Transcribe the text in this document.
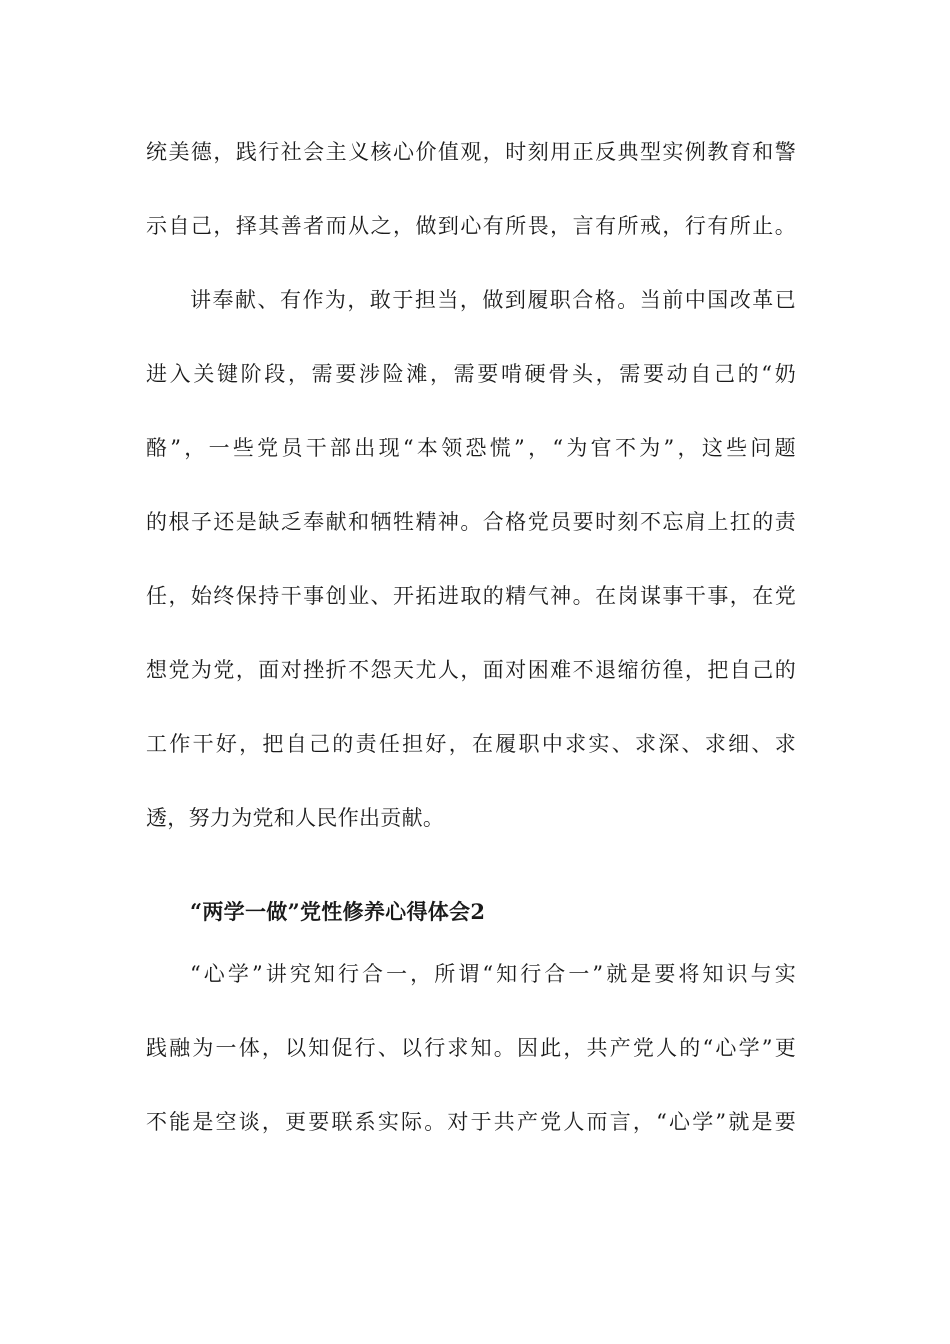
统美德，践行社会主义核心价值观，时刻用正反典型实例教育和警
示自己，择其善者而从之，做到心有所畏，言有所戒，行有所止。
讲奉献、有作为，敢于担当，做到履职合格。当前中国改革已
进入关键阶段，需要涉险滩，需要啃硬骨头，需要动自己的“奶
酪”，一些党员干部出现“本领恐慌”，“为官不为”，这些问题
的根子还是缺乏奉献和牺牲精神。合格党员要时刻不忘肩上扛的责
任，始终保持干事创业、开拓进取的精气神。在岗谋事干事，在党
想党为党，面对挫折不怨天尤人，面对困难不退缩彷徨，把自己的
工作干好，把自己的责任担好，在履职中求实、求深、求细、求
透，努力为党和人民作出贡献。
“两学一做”党性修养心得体会2
“心学”讲究知行合一，所谓“知行合一”就是要将知识与实
践融为一体，以知促行、以行求知。因此，共产党人的“心学”更
不能是空谈，更要联系实际。对于共产党人而言，“心学”就是要
